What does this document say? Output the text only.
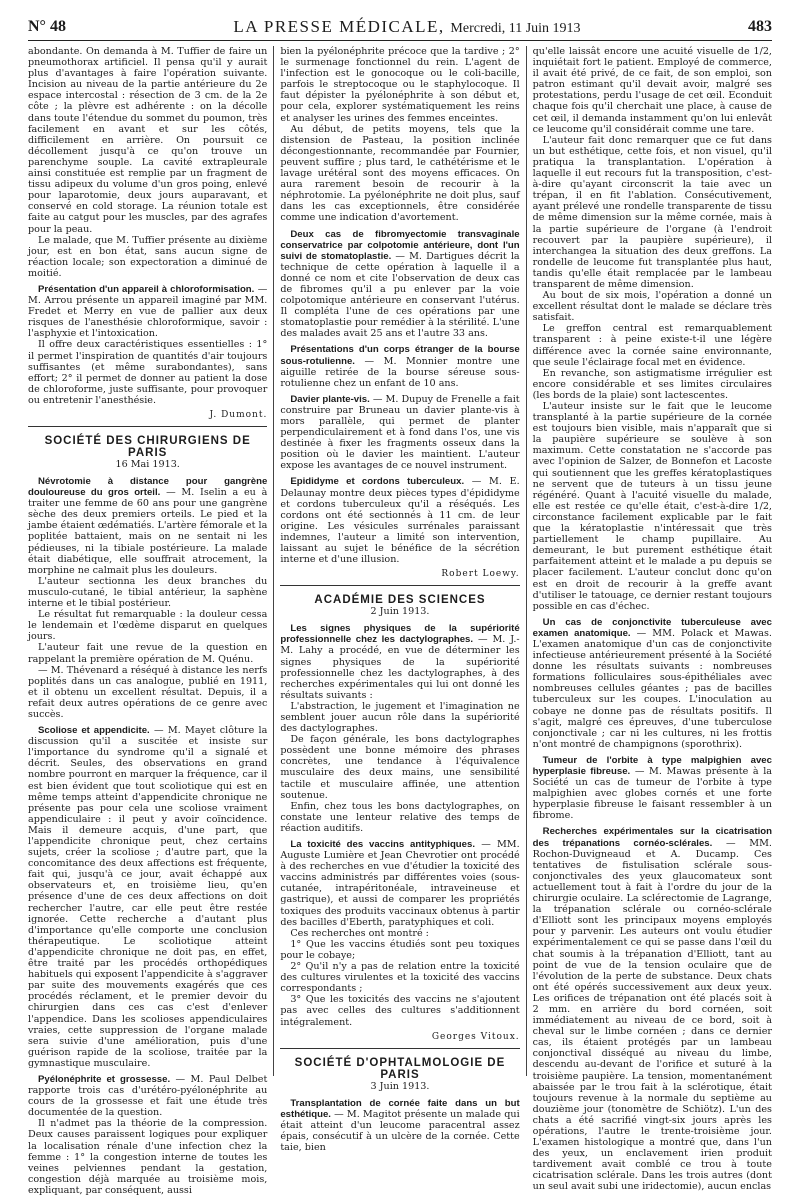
N° 48	LA PRESSE MÉDICALE, Mercredi, 11 Juin 1913	483

abondante. On demanda à M. Tuffier de faire un pneumothorax artificiel. Il pensa qu'il y aurait plus d'avantages à faire l'opération suivante. Incision au niveau de la partie antérieure du 2e espace intercostal : résection de 3 cm. de la 2e côte ; la plèvre est adhérente : on la décolle dans toute l'étendue du sommet du poumon, très facilement en avant et sur les côtés, difficilement en arrière. On poursuit ce décollement jusqu'à ce qu'on trouve un parenchyme souple. La cavité extrapleurale ainsi constituée est remplie par un fragment de tissu adipeux du volume d'un gros poing, enlevé pour laparotomie, deux jours auparavant, et conservé en cold storage. La réunion totale est faite au catgut pour les muscles, par des agrafes pour la peau.

Le malade, que M. Tuffier présente au dixième jour, est en bon état, sans aucun signe de réaction locale; son expectoration a diminué de moitié.

Présentation d'un appareil à chloroformisation. — M. Arrou présente un appareil imaginé par MM. Fredet et Merry en vue de pallier aux deux risques de l'anesthésie chloroformique, savoir : l'asphyxie et l'intoxication.

Il offre deux caractéristiques essentielles : 1° il permet l'inspiration de quantités d'air toujours suffisantes (et même surabondantes), sans effort; 2° il permet de donner au patient la dose de chloroforme, juste suffisante, pour provoquer ou entretenir l'anesthésie.

J. Dumont.
SOCIÉTÉ DES CHIRURGIENS DE PARIS
16 Mai 1913.

Névrotomie à distance pour gangrène douloureuse du gros orteil. — M. Iselin a eu à traiter une femme de 60 ans pour une gangrène sèche des deux premiers orteils. Le pied et la jambe étaient œdématiés. L'artère fémorale et la poplitée battaient, mais on ne sentait ni les pédieuses, ni la tibiale postérieure. La malade était diabétique, elle souffrait atrocement, la morphine ne calmait plus les douleurs.

L'auteur sectionna les deux branches du musculo-cutané, le tibial antérieur, la saphène interne et le tibial postérieur.

Le résultat fut remarquable : la douleur cessa le lendemain et l'œdème disparut en quelques jours.

L'auteur fait une revue de la question en rappelant la première opération de M. Quénu.

— M. Thévenard a réséqué à distance les nerfs poplités dans un cas analogue, publié en 1911, et il obtenu un excellent résultat. Depuis, il a refait deux autres opérations de ce genre avec succès.

Scoliose et appendicite. — M. Mayet clôture la discussion qu'il a suscitée et insiste sur l'importance du syndrome qu'il a signalé et décrit. Seules, des observations en grand nombre pourront en marquer la fréquence, car il est bien évident que tout scoliotique qui est en même temps atteint d'appendicite chronique ne présente pas pour cela une scoliose vraiment appendiculaire : il peut y avoir coïncidence. Mais il demeure acquis, d'une part, que l'appendicite chronique peut, chez certains sujets, créer la scoliose ; d'autre part, que la concomitance des deux affections est fréquente, fait qui, jusqu'à ce jour, avait échappé aux observateurs et, en troisième lieu, qu'en présence d'une de ces deux affections on doit rechercher l'autre, car elle peut être restée ignorée. Cette recherche a d'autant plus d'importance qu'elle comporte une conclusion thérapeutique. Le scoliotique atteint d'appendicite chronique ne doit pas, en effet, être traité par les procédés orthopédiques habituels qui exposent l'appendicite à s'aggraver par suite des mouvements exagérés que ces procédés réclament, et le premier devoir du chirurgien dans ces cas c'est d'enlever l'appendice. Dans les scolioses appendiculaires vraies, cette suppression de l'organe malade sera suivie d'une amélioration, puis d'une guérison rapide de la scoliose, traitée par la gymnastique musculaire.

Pyélonéphrite et grossesse. — M. Paul Delbet rapporte trois cas d'urétéro-pyélonéphrite au cours de la grossesse et fait une étude très documentée de la question.

Il n'admet pas la théorie de la compression. Deux causes paraissent logiques pour expliquer la localisation rénale d'une infection chez la femme : 1° la congestion interne de toutes les veines pelviennes pendant la gestation, congestion déjà marquée au troisième mois, expliquant, par conséquent, aussi

bien la pyélonéphrite précoce que la tardive ; 2° le surmenage fonctionnel du rein. L'agent de l'infection est le gonocoque ou le coli-bacille, parfois le streptocoque ou le staphylocoque. Il faut dépister la pyélonéphrite à son début et, pour cela, explorer systématiquement les reins et analyser les urines des femmes enceintes.

Au début, de petits moyens, tels que la distension de Pasteau, la position inclinée décongestionnante, recommandée par Fournier, peuvent suffire ; plus tard, le cathétérisme et le lavage urétéral sont des moyens efficaces. On aura rarement besoin de recourir à la néphrotomie. La pyélonéphrite ne doit plus, sauf dans les cas exceptionnels, être considérée comme une indication d'avortement.

Deux cas de fibromyectomie transvaginale conservatrice par colpotomie antérieure, dont l'un suivi de stomatoplastie. — M. Dartigues décrit la technique de cette opération à laquelle il a donné ce nom et cite l'observation de deux cas de fibromes qu'il a pu enlever par la voie colpotomique antérieure en conservant l'utérus. Il compléta l'une de ces opérations par une stomatoplastie pour remédier à la stérilité. L'une des malades avait 25 ans et l'autre 33 ans.

Présentations d'un corps étranger de la bourse sous-rotulienne. — M. Monnier montre une aiguille retirée de la bourse séreuse sous-rotulienne chez un enfant de 10 ans.

Davier plante-vis. — M. Dupuy de Frenelle a fait construire par Bruneau un davier plante-vis à mors parallèle, qui permet de planter perpendiculairement et à fond dans l'os, une vis destinée à fixer les fragments osseux dans la position où le davier les maintient. L'auteur expose les avantages de ce nouvel instrument.

Epididyme et cordons tuberculeux. — M. E. Delaunay montre deux pièces types d'épididyme et cordons tuberculeux qu'il a réséqués. Les cordons ont été sectionnés à 11 cm. de leur origine. Les vésicules surrénales paraissant indemnes, l'auteur a limité son intervention, laissant au sujet le bénéfice de la sécrétion interne et d'une illusion.

Robert Loewy.
ACADÉMIE DES SCIENCES
2 Juin 1913.

Les signes physiques de la supériorité professionnelle chez les dactylographes. — M. J.-M. Lahy a procédé, en vue de déterminer les signes physiques de la supériorité professionnelle chez les dactylographes, à des recherches expérimentales qui lui ont donné les résultats suivants :

L'abstraction, le jugement et l'imagination ne semblent jouer aucun rôle dans la supériorité des dactylographes.

De façon générale, les bons dactylographes possèdent une bonne mémoire des phrases concrètes, une tendance à l'équivalence musculaire des deux mains, une sensibilité tactile et musculaire affinée, une attention soutenue.

Enfin, chez tous les bons dactylographes, on constate une lenteur relative des temps de réaction auditifs.

La toxicité des vaccins antityphiques. — MM. Auguste Lumière et Jean Chevrotier ont procédé à des recherches en vue d'étudier la toxicité des vaccins administrés par différentes voies (sous-cutanée, intrapéritonéale, intraveineuse et gastrique), et aussi de comparer les propriétés toxiques des produits vaccinaux obtenus à partir des bacilles d'Eberth, paratyphiques et coli.

Ces recherches ont montré :

1° Que les vaccins étudiés sont peu toxiques pour le cobaye;

2° Qu'il n'y a pas de relation entre la toxicité des cultures virulentes et la toxicité des vaccins correspondants ;

3° Que les toxicités des vaccins ne s'ajoutent pas avec celles des cultures s'additionnent intégralement.

Georges Vitoux.
SOCIÉTÉ D'OPHTALMOLOGIE DE PARIS
3 Juin 1913.

Transplantation de cornée faite dans un but esthétique. — M. Magitot présente un malade qui était atteint d'un leucome paracentral assez épais, consécutif à un ulcère de la cornée. Cette taie, bien

qu'elle laissât encore une acuité visuelle de 1/2, inquiétait fort le patient. Employé de commerce, il avait été privé, de ce fait, de son emploi, son patron estimant qu'il devait avoir, malgré ses protestations, perdu l'usage de cet œil. Econduit chaque fois qu'il cherchait une place, à cause de cet œil, il demanda instamment qu'on lui enlevât ce leucome qu'il considérait comme une tare.

L'auteur fait donc remarquer que ce fut dans un but esthétique, cette fois, et non visuel, qu'il pratiqua la transplantation. L'opération à laquelle il eut recours fut la transposition, c'est-à-dire qu'ayant circonscrit la taie avec un trépan, il en fit l'ablation. Consécutivement, ayant prélevé une rondelle transparente de tissu de même dimension sur la même cornée, mais à la partie supérieure de l'organe (à l'endroit recouvert par la paupière supérieure), il interchangea la situation des deux greffons. La rondelle de leucome fut transplantée plus haut, tandis qu'elle était remplacée par le lambeau transparent de même dimension.

Au bout de six mois, l'opération a donné un excellent résultat dont le malade se déclare très satisfait.

Le greffon central est remarquablement transparent : à peine existe-t-il une légère différence avec la cornée saine environnante, que seule l'éclairage focal met en évidence.

En revanche, son astigmatisme irrégulier est encore considérable et ses limites circulaires (les bords de la plaie) sont lactescentes.

L'auteur insiste sur le fait que le leucome transplanté à la partie supérieure de la cornée est toujours bien visible, mais n'apparaît que si la paupière supérieure se soulève à son maximum. Cette constatation ne s'accorde pas avec l'opinion de Salzer, de Bonnefon et Lacoste qui soutiennent que les greffes kératoplastiques ne servent que de tuteurs à un tissu jeune régénéré. Quant à l'acuité visuelle du malade, elle est restée ce qu'elle était, c'est-à-dire 1/2, circonstance facilement explicable par le fait que la kératoplastie n'intéressait que très partiellement le champ pupillaire. Au demeurant, le but purement esthétique était parfaitement atteint et le malade a pu depuis se placer facilement. L'auteur conclut donc qu'on est en droit de recourir à la greffe avant d'utiliser le tatouage, ce dernier restant toujours possible en cas d'échec.

Un cas de conjonctivite tuberculeuse avec examen anatomique. — MM. Polack et Mawas. L'examen anatomique d'un cas de conjonctivite infectieuse antérieurement présenté à la Société donne les résultats suivants : nombreuses formations folliculaires sous-épithéliales avec nombreuses cellules géantes ; pas de bacilles tuberculeux sur les coupes. L'inoculation au cobaye ne donne pas de résultats positifs. Il s'agit, malgré ces épreuves, d'une tuberculose conjonctivale ; car ni les cultures, ni les frottis n'ont montré de champignons (sporothrix).

Tumeur de l'orbite à type malpighien avec hyperplasie fibreuse. — M. Mawas présente à la Société un cas de tumeur de l'orbite à type malpighien avec globes cornés et une forte hyperplasie fibreuse le faisant ressembler à un fibrome.

Recherches expérimentales sur la cicatrisation des trépanations cornéo-sclérales. — MM. Rochon-Duvigneaud et A. Ducamp. Ces tentatives de fistulisation sclérale sous-conjonctivales des yeux glaucomateux sont actuellement tout à fait à l'ordre du jour de la chirurgie oculaire. La sclérectomie de Lagrange, la trépanation sclérale ou cornéo-sclérale d'Elliott sont les principaux moyens employés pour y parvenir. Les auteurs ont voulu étudier expérimentalement ce qui se passe dans l'œil du chat soumis à la trépanation d'Elliott, tant au point de vue de la tension oculaire que de l'évolution de la perte de substance. Deux chats ont été opérés successivement aux deux yeux. Les orifices de trépanation ont été placés soit à 2 mm. en arrière du bord cornéen, soit immédiatement au niveau de ce bord, soit à cheval sur le limbe cornéen ; dans ce dernier cas, ils étaient protégés par un lambeau conjonctival disséqué au niveau du limbe, descendu au-devant de l'orifice et suturé à la troisième paupière. La tension, momentanément abaissée par le trou fait à la sclérotique, était toujours revenue à la normale du septième au douzième jour (tonomètre de Schiötz). L'un des chats a été sacrifié vingt-six jours après les opérations, l'autre le trente-troisième jour. L'examen histologique a montré que, dans l'un des yeux, un enclavement irien produit tardivement avait comblé ce trou à toute cicatrisation sclérale. Dans les trois autres (dont un seul avait subi une iridectomie), aucun enclas
